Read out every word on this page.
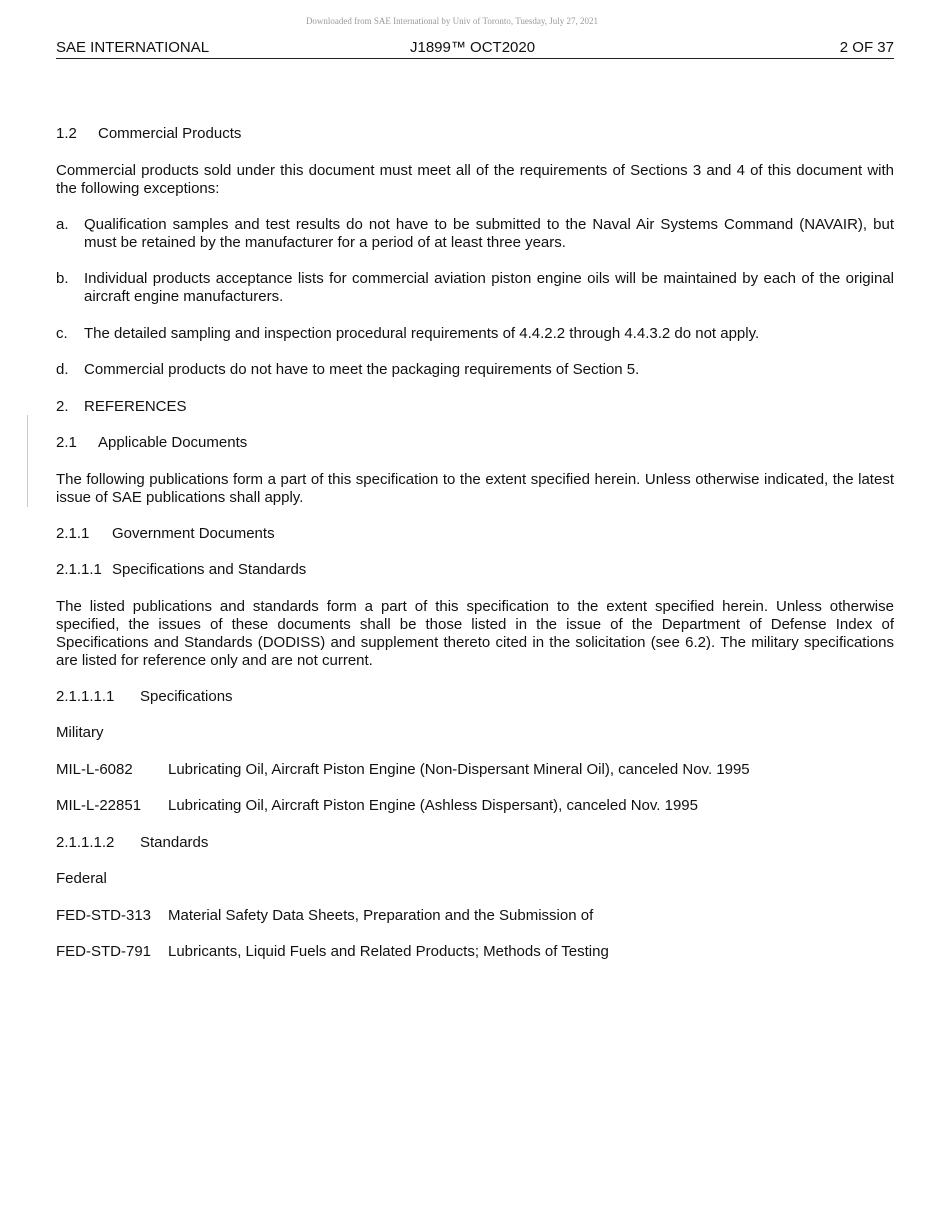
Downloaded from SAE International by Univ of Toronto, Tuesday, July 27, 2021
SAE INTERNATIONAL	J1899™ OCT2020	2 OF 37
1.2 Commercial Products
Commercial products sold under this document must meet all of the requirements of Sections 3 and 4 of this document with the following exceptions:
a. Qualification samples and test results do not have to be submitted to the Naval Air Systems Command (NAVAIR), but must be retained by the manufacturer for a period of at least three years.
b. Individual products acceptance lists for commercial aviation piston engine oils will be maintained by each of the original aircraft engine manufacturers.
c. The detailed sampling and inspection procedural requirements of 4.4.2.2 through 4.4.3.2 do not apply.
d. Commercial products do not have to meet the packaging requirements of Section 5.
2. REFERENCES
2.1 Applicable Documents
The following publications form a part of this specification to the extent specified herein. Unless otherwise indicated, the latest issue of SAE publications shall apply.
2.1.1 Government Documents
2.1.1.1 Specifications and Standards
The listed publications and standards form a part of this specification to the extent specified herein. Unless otherwise specified, the issues of these documents shall be those listed in the issue of the Department of Defense Index of Specifications and Standards (DODISS) and supplement thereto cited in the solicitation (see 6.2). The military specifications are listed for reference only and are not current.
2.1.1.1.1 Specifications
Military
MIL-L-6082 Lubricating Oil, Aircraft Piston Engine (Non-Dispersant Mineral Oil), canceled Nov. 1995
MIL-L-22851 Lubricating Oil, Aircraft Piston Engine (Ashless Dispersant), canceled Nov. 1995
2.1.1.1.2 Standards
Federal
FED-STD-313 Material Safety Data Sheets, Preparation and the Submission of
FED-STD-791 Lubricants, Liquid Fuels and Related Products; Methods of Testing
